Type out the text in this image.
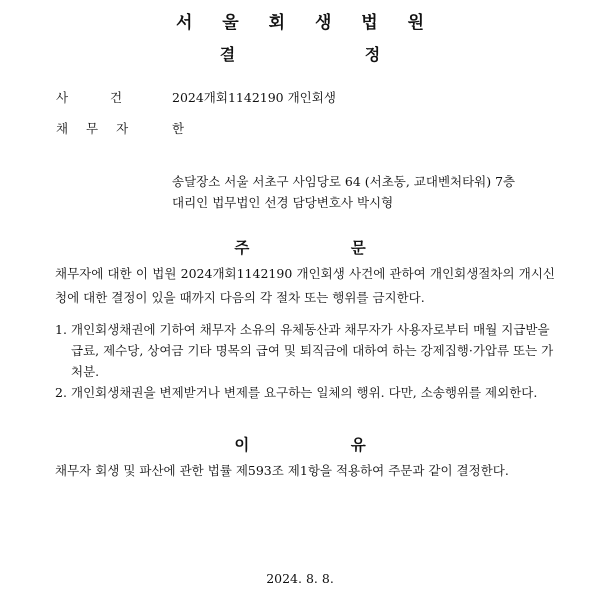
서 울 회 생 법 원
결 정
사 건	2024개회1142190 개인회생
채 무 자	한
송달장소 서울 서초구 사임당로 64 (서초동, 교대벤처타워) 7층
대리인 법무법인 선경 담당변호사 박시형
주 문
채무자에 대한 이 법원 2024개회1142190 개인회생 사건에 관하여 개인회생절차의 개시신청에 대한 결정이 있을 때까지 다음의 각 절차 또는 행위를 금지한다.
1. 개인회생채권에 기하여 채무자 소유의 유체동산과 채무자가 사용자로부터 매월 지급받을 급료, 제수당, 상여금 기타 명목의 급여 및 퇴직금에 대하여 하는 강제집행·가압류 또는 가처분.
2. 개인회생채권을 변제받거나 변제를 요구하는 일체의 행위. 다만, 소송행위를 제외한다.
이 유
채무자 회생 및 파산에 관한 법률 제593조 제1항을 적용하여 주문과 같이 결정한다.
2024. 8. 8.
